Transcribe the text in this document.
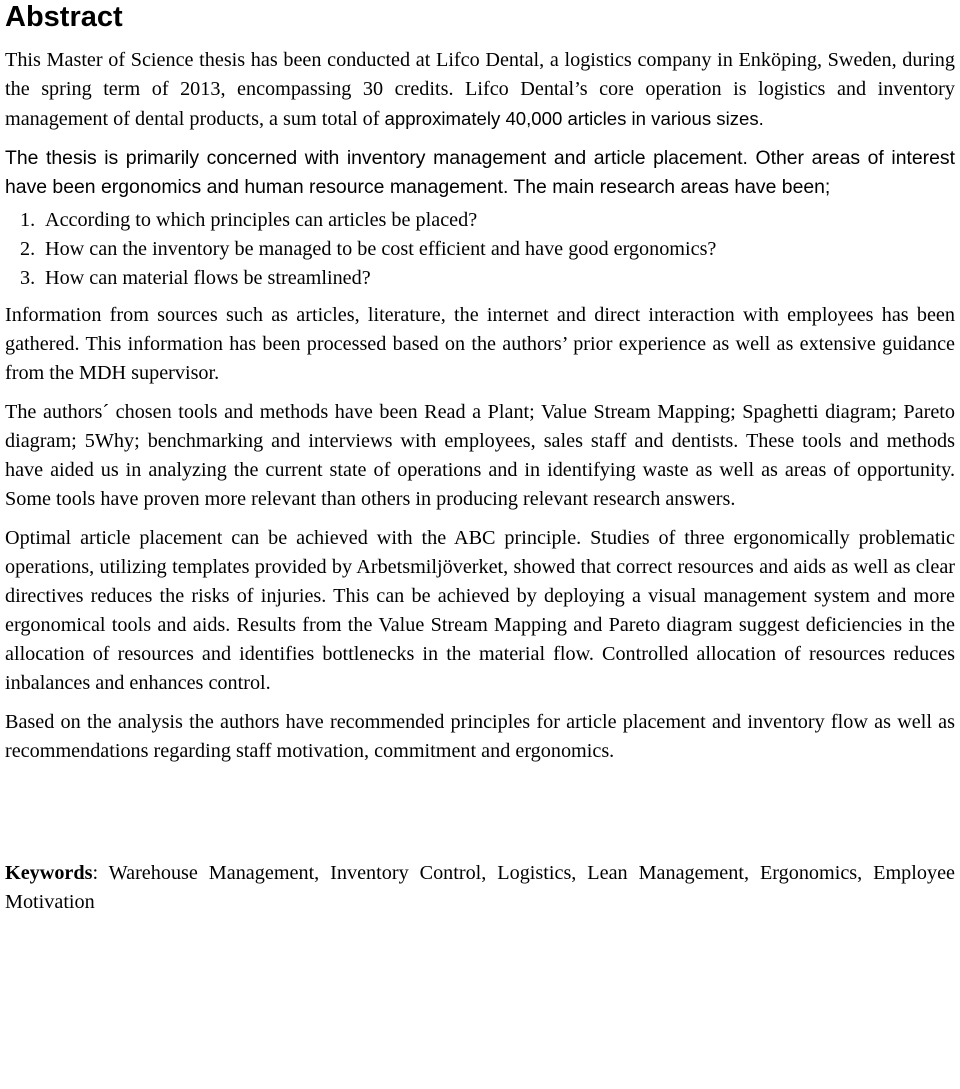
Abstract
This Master of Science thesis has been conducted at Lifco Dental, a logistics company in Enköping, Sweden, during the spring term of 2013, encompassing 30 credits. Lifco Dental’s core operation is logistics and inventory management of dental products, a sum total of approximately 40,000 articles in various sizes.

The thesis is primarily concerned with inventory management and article placement. Other areas of interest have been ergonomics and human resource management. The main research areas have been;

1. According to which principles can articles be placed?
2. How can the inventory be managed to be cost efficient and have good ergonomics?
3. How can material flows be streamlined?

Information from sources such as articles, literature, the internet and direct interaction with employees has been gathered. This information has been processed based on the authors’ prior experience as well as extensive guidance from the MDH supervisor.

The authors´ chosen tools and methods have been Read a Plant; Value Stream Mapping; Spaghetti diagram; Pareto diagram; 5Why; benchmarking and interviews with employees, sales staff and dentists. These tools and methods have aided us in analyzing the current state of operations and in identifying waste as well as areas of opportunity. Some tools have proven more relevant than others in producing relevant research answers.

Optimal article placement can be achieved with the ABC principle. Studies of three ergonomically problematic operations, utilizing templates provided by Arbetsmiljöverket, showed that correct resources and aids as well as clear directives reduces the risks of injuries. This can be achieved by deploying a visual management system and more ergonomical tools and aids. Results from the Value Stream Mapping and Pareto diagram suggest deficiencies in the allocation of resources and identifies bottlenecks in the material flow. Controlled allocation of resources reduces inbalances and enhances control.

Based on the analysis the authors have recommended principles for article placement and inventory flow as well as recommendations regarding staff motivation, commitment and ergonomics.

Keywords: Warehouse Management, Inventory Control, Logistics, Lean Management, Ergonomics, Employee Motivation
